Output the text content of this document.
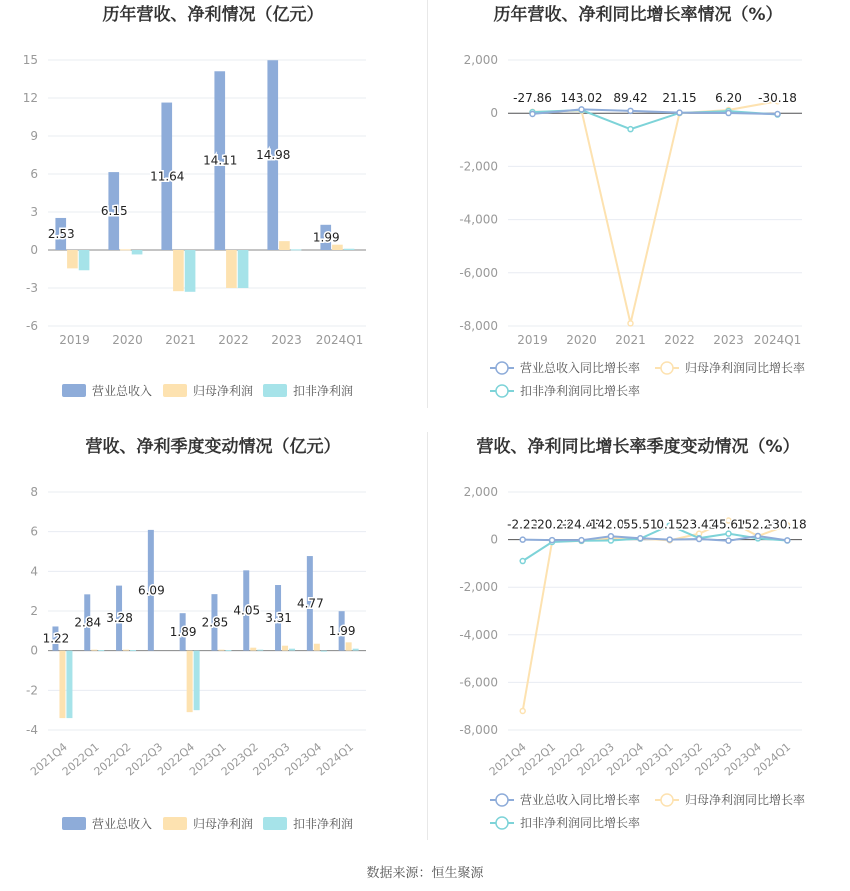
历年营收、净利情况（亿元）
15
12
9
6
3
0
-3
-6
2.53
2019
6.15
2020
11.64
2021
14.11
2022
14.98
2023
1.99
2024Q1
营业总收入	归母净利润	扣非净利润
历年营收、净利同比增长率情况（%）
2,000
0
-2,000
-4,000
-6,000
-8,000
-27.86 143.02 89.42 21.15 6.20 -30.18
2019 2020 2021 2022 2023 2024Q1
营业总收入同比增长率	归母净利润同比增长率
扣非净利润同比增长率
营收、净利季度变动情况（亿元）
8
6
4
2
0
-2
-4
1.22
2021Q4
2.84
2022Q1
3.28
2022Q2
6.09
2022Q3
1.89
2022Q4
2.85
2023Q1
4.05
2023Q2
3.31
2023Q3
4.77
2023Q4
1.99
2024Q1
营业总收入	归母净利润	扣非净利润
营收、净利同比增长率季度变动情况（%）
2,000
0
-2,000
-4,000
-6,000
-8,000
-2.22
-20.22
-24.48
142.06
55.51
0.15
23.42
45.62
152.25
-30.18
2021Q4
2022Q1
2022Q2
2022Q3
2022Q4
2023Q1
2023Q2
2023Q3
2023Q4
2024Q1
营业总收入同比增长率	归母净利润同比增长率
扣非净利润同比增长率
数据来源：恒生聚源
